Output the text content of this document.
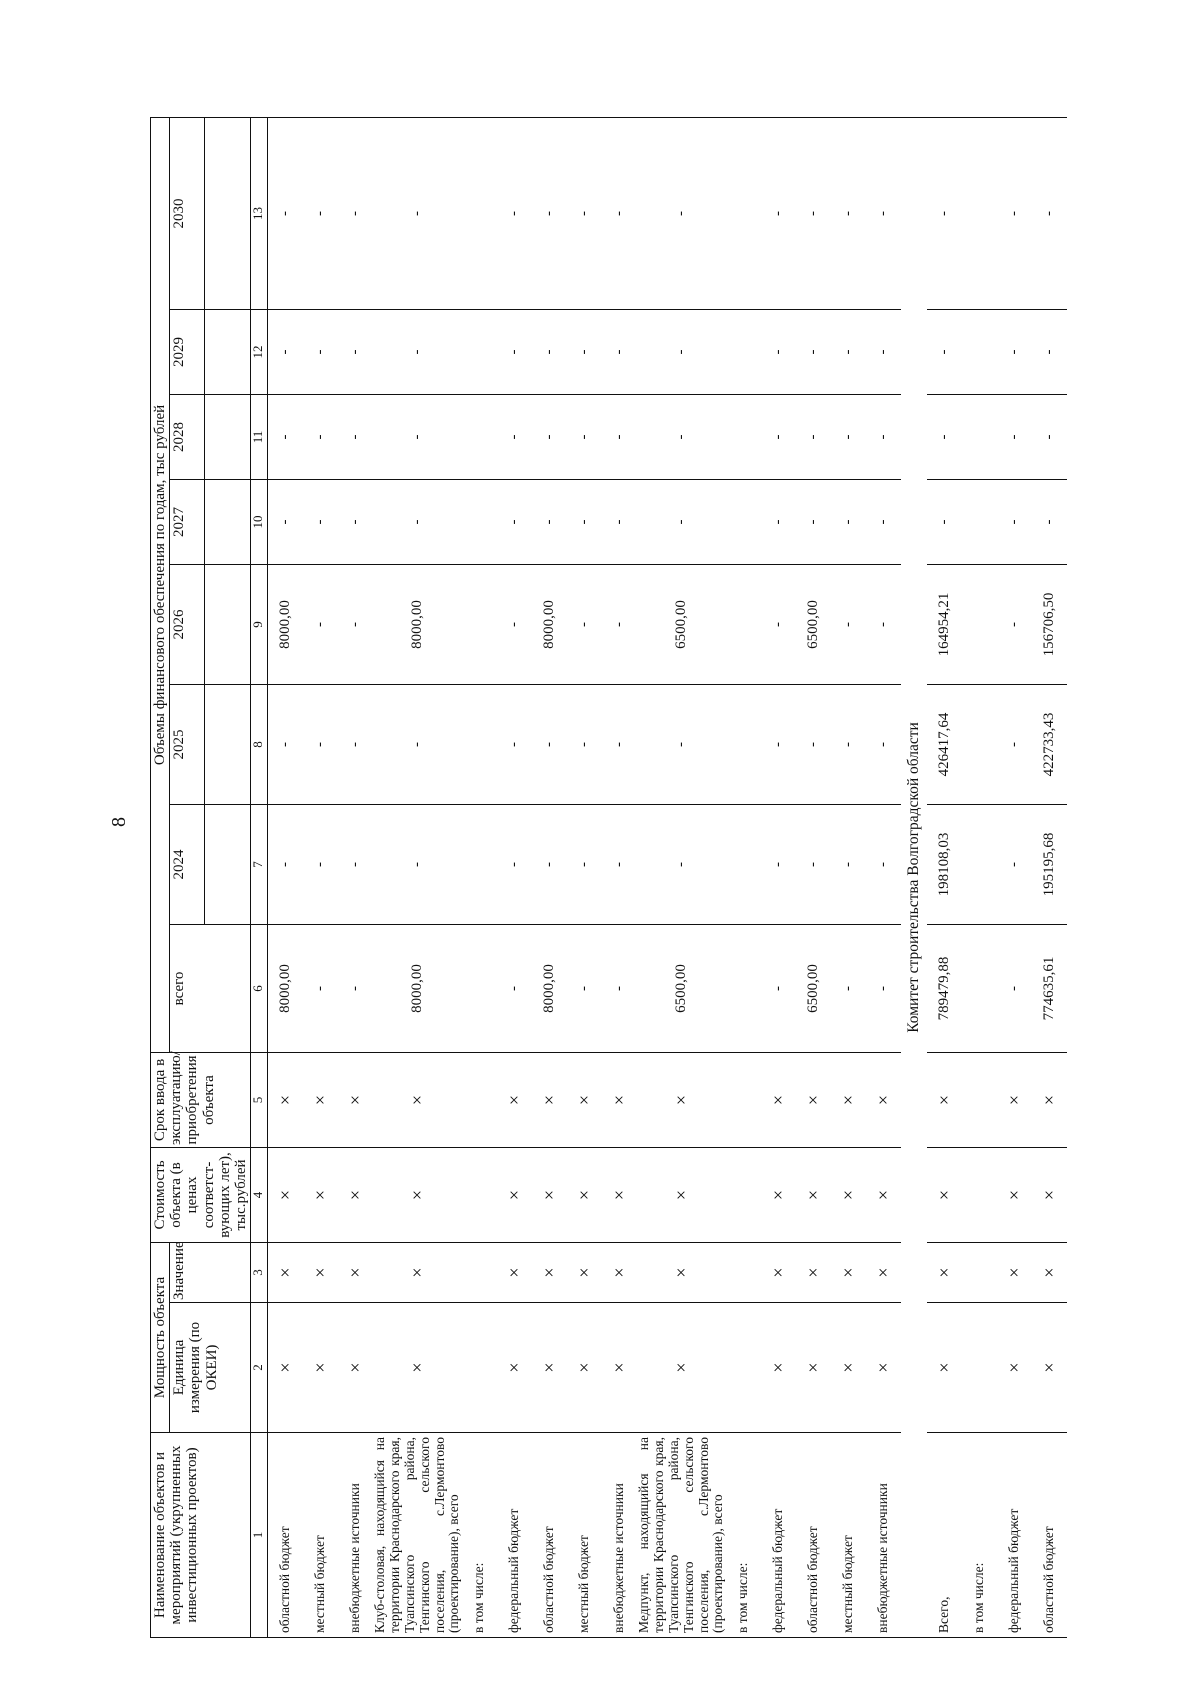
8
Наименование объектов и мероприятий (укрупненных инвестиционных проектов)	Мощность объекта		Стоимость объекта (в ценах соответст-вующих лет), тыс.рублей	Срок ввода в эксплуатацию/ приобретения объекта	Объемы финансового обеспечения по годам, тыс рублей							
	Единица измерения (по ОКЕИ)	Значение			всего	2024	2025	2026	2027	2028	2029	2030

1	2	3	4	5	6	7	8	9	10	11	12	13
областной бюджет	×	×	×	×	8000,00	-	-	8000,00	-	-	-	-
местный бюджет	×	×	×	×	-	-	-	-	-	-	-	-
внебюджетные источники	×	×	×	×	-	-	-	-	-	-	-	-
Клуб-столовая, находящийся на территории Краснодарского края, Туапсинского района, Тенгинского сельского поселения, с.Лермонтово (проектирование), всего	×	×	×	×	8000,00	-	-	8000,00	-	-	-	-
в том числе:												
федеральный бюджет	×	×	×	×	-	-	-	-	-	-	-	-
областной бюджет	×	×	×	×	8000,00	-	-	8000,00	-	-	-	-
местный бюджет	×	×	×	×	-	-	-	-	-	-	-	-
внебюджетные источники	×	×	×	×	-	-	-	-	-	-	-	-
Медпункт, находящийся на территории Краснодарского края, Туапсинского района, Тенгинского сельского поселения, с.Лермонтово (проектирование), всего	×	×	×	×	6500,00	-	-	6500,00	-	-	-	-
в том числе:												
федеральный бюджет	×	×	×	×	-	-	-	-	-	-	-	-
областной бюджет	×	×	×	×	6500,00	-	-	6500,00	-	-	-	-
местный бюджет	×	×	×	×	-	-	-	-	-	-	-	-
внебюджетные источники	×	×	×	×	-	-	-	-	-	-	-	-
Комитет строительства Волгоградской области												
Всего,	×	×	×	×	789479,88	198108,03	426417,64	164954,21	-	-	-	-
в том числе:												
федеральный бюджет	×	×	×	×	-	-	-	-	-	-	-	-
областной бюджет	×	×	×	×	774635,61	195195,68	422733,43	156706,50	-	-	-	-
